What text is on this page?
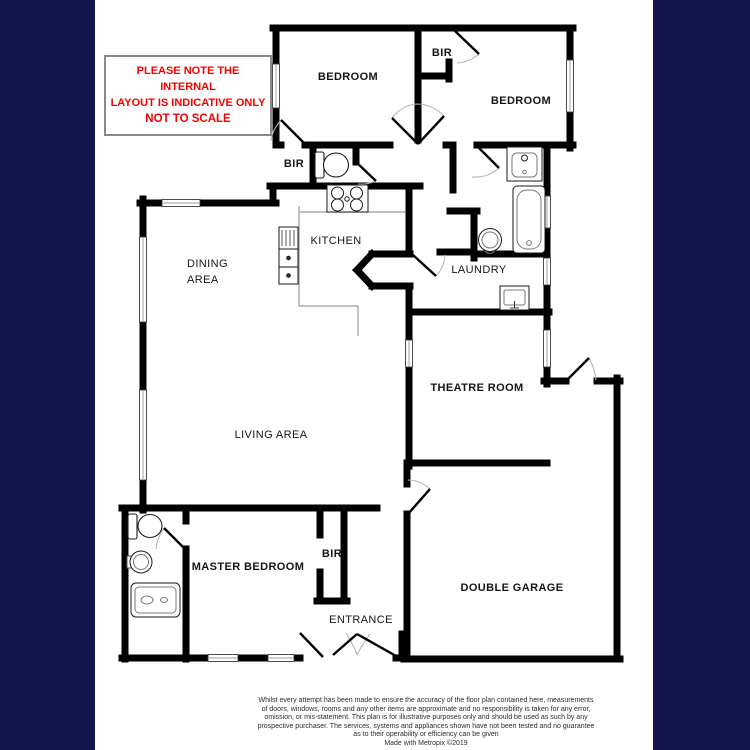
BEDROOM
BIR
BEDROOM
BIR
KITCHEN
DINING
AREA
LAUNDRY
THEATRE ROOM
LIVING AREA
MASTER BEDROOM
BIR
ENTRANCE
DOUBLE GARAGE
PLEASE NOTE THE INTERNAL
LAYOUT IS INDICATIVE ONLY
NOT TO SCALE
Whilst every attempt has been made to ensure the accuracy of the floor plan contained here, measurements
of doors, windows, rooms and any other items are approximate and no responsibility is taken for any error,
omission, or mis-statement. This plan is for illustrative purposes only and should be used as such by any
prospective purchaser. The services, systems and appliances shown have not been tested and no guarantee
as to their operability or efficiency can be given
Made with Metropix ©2019
